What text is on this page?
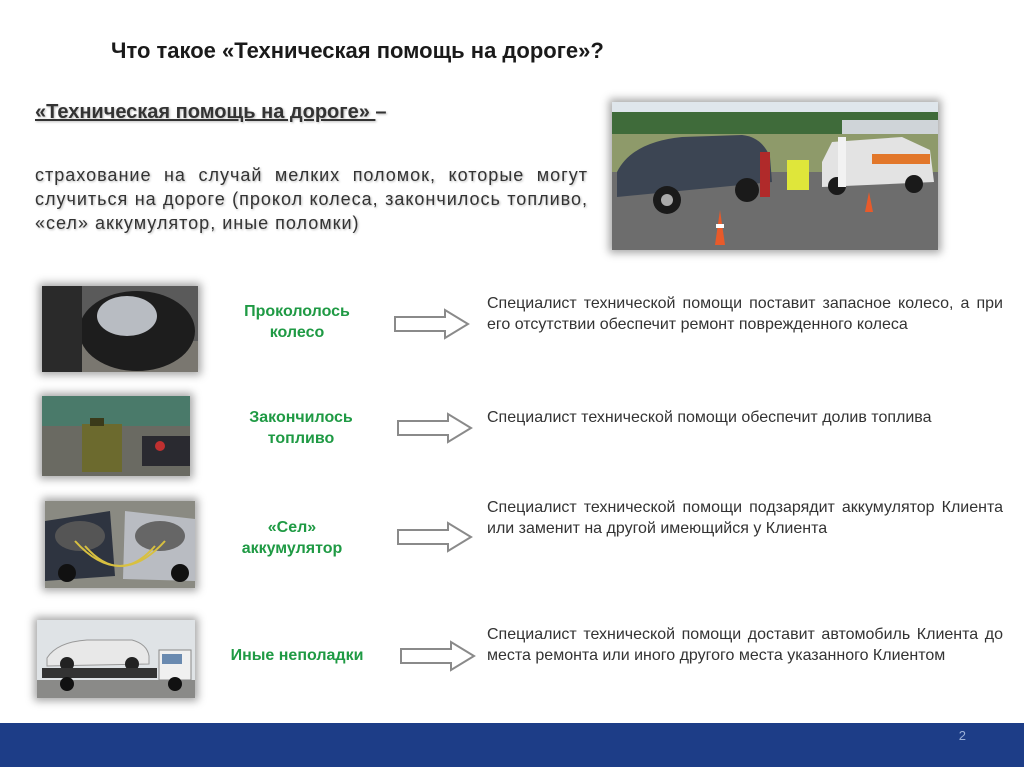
Что такое «Техническая помощь на дороге»?
«Техническая помощь на дороге» –
страхование на случай мелких поломок, которые могут случиться на дороге (прокол колеса, закончилось топливо, «сел» аккумулятор, иные поломки)
Прокололось колесо
Специалист технической помощи поставит запасное колесо, а при его отсутствии обеспечит ремонт поврежденного колеса
Закончилось топливо
Специалист технической помощи обеспечит долив топлива
«Сел» аккумулятор
Специалист технической помощи подзарядит аккумулятор Клиента или заменит на другой имеющийся у Клиента
Иные неполадки
Специалист технической помощи доставит автомобиль Клиента до места ремонта или иного другого места указанного Клиентом
2
